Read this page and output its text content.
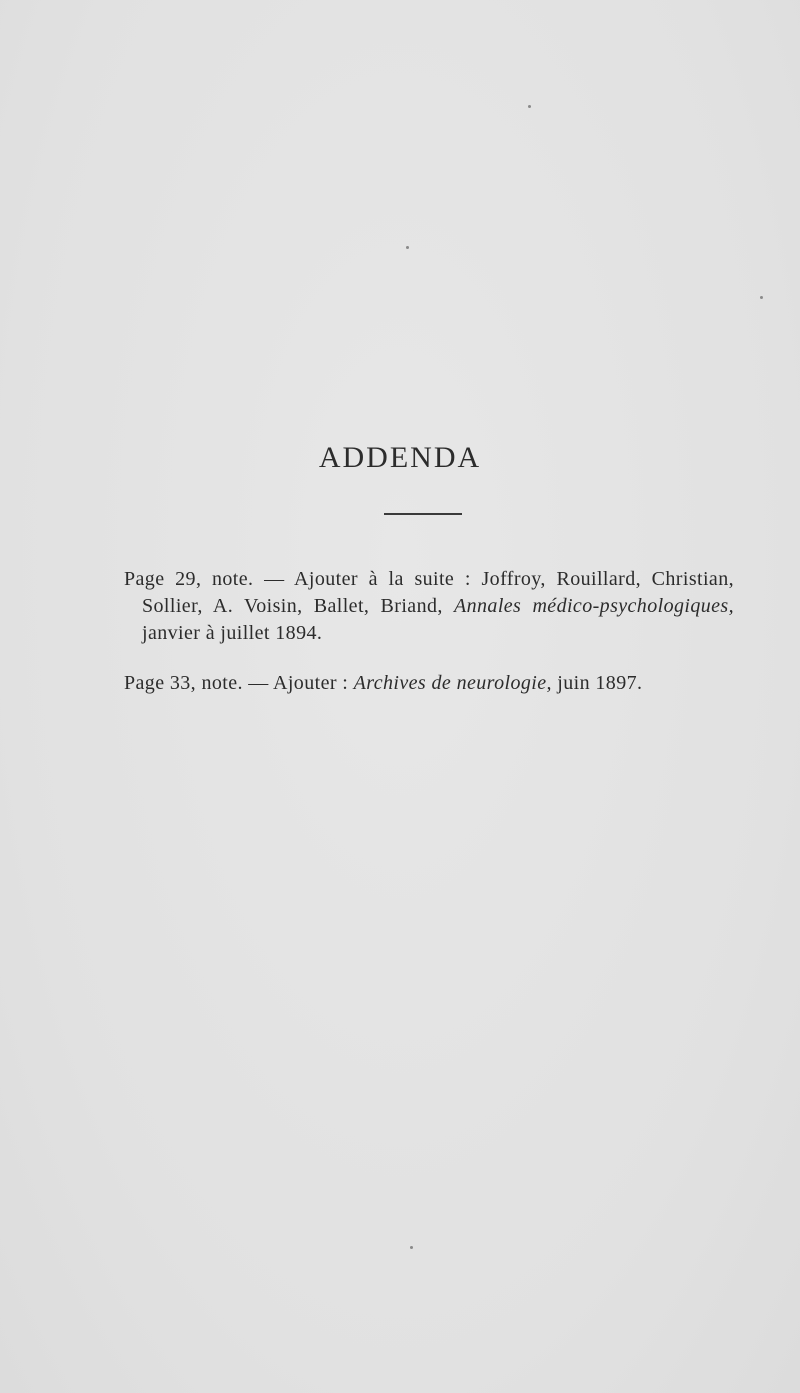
ADDENDA
Page 29, note. — Ajouter à la suite : Joffroy, Rouillard, Christian,
Sollier, A. Voisin, Ballet, Briand, Annales médico-psychologiques,
janvier à juillet 1894.
Page 33, note. — Ajouter : Archives de neurologie, juin 1897.
